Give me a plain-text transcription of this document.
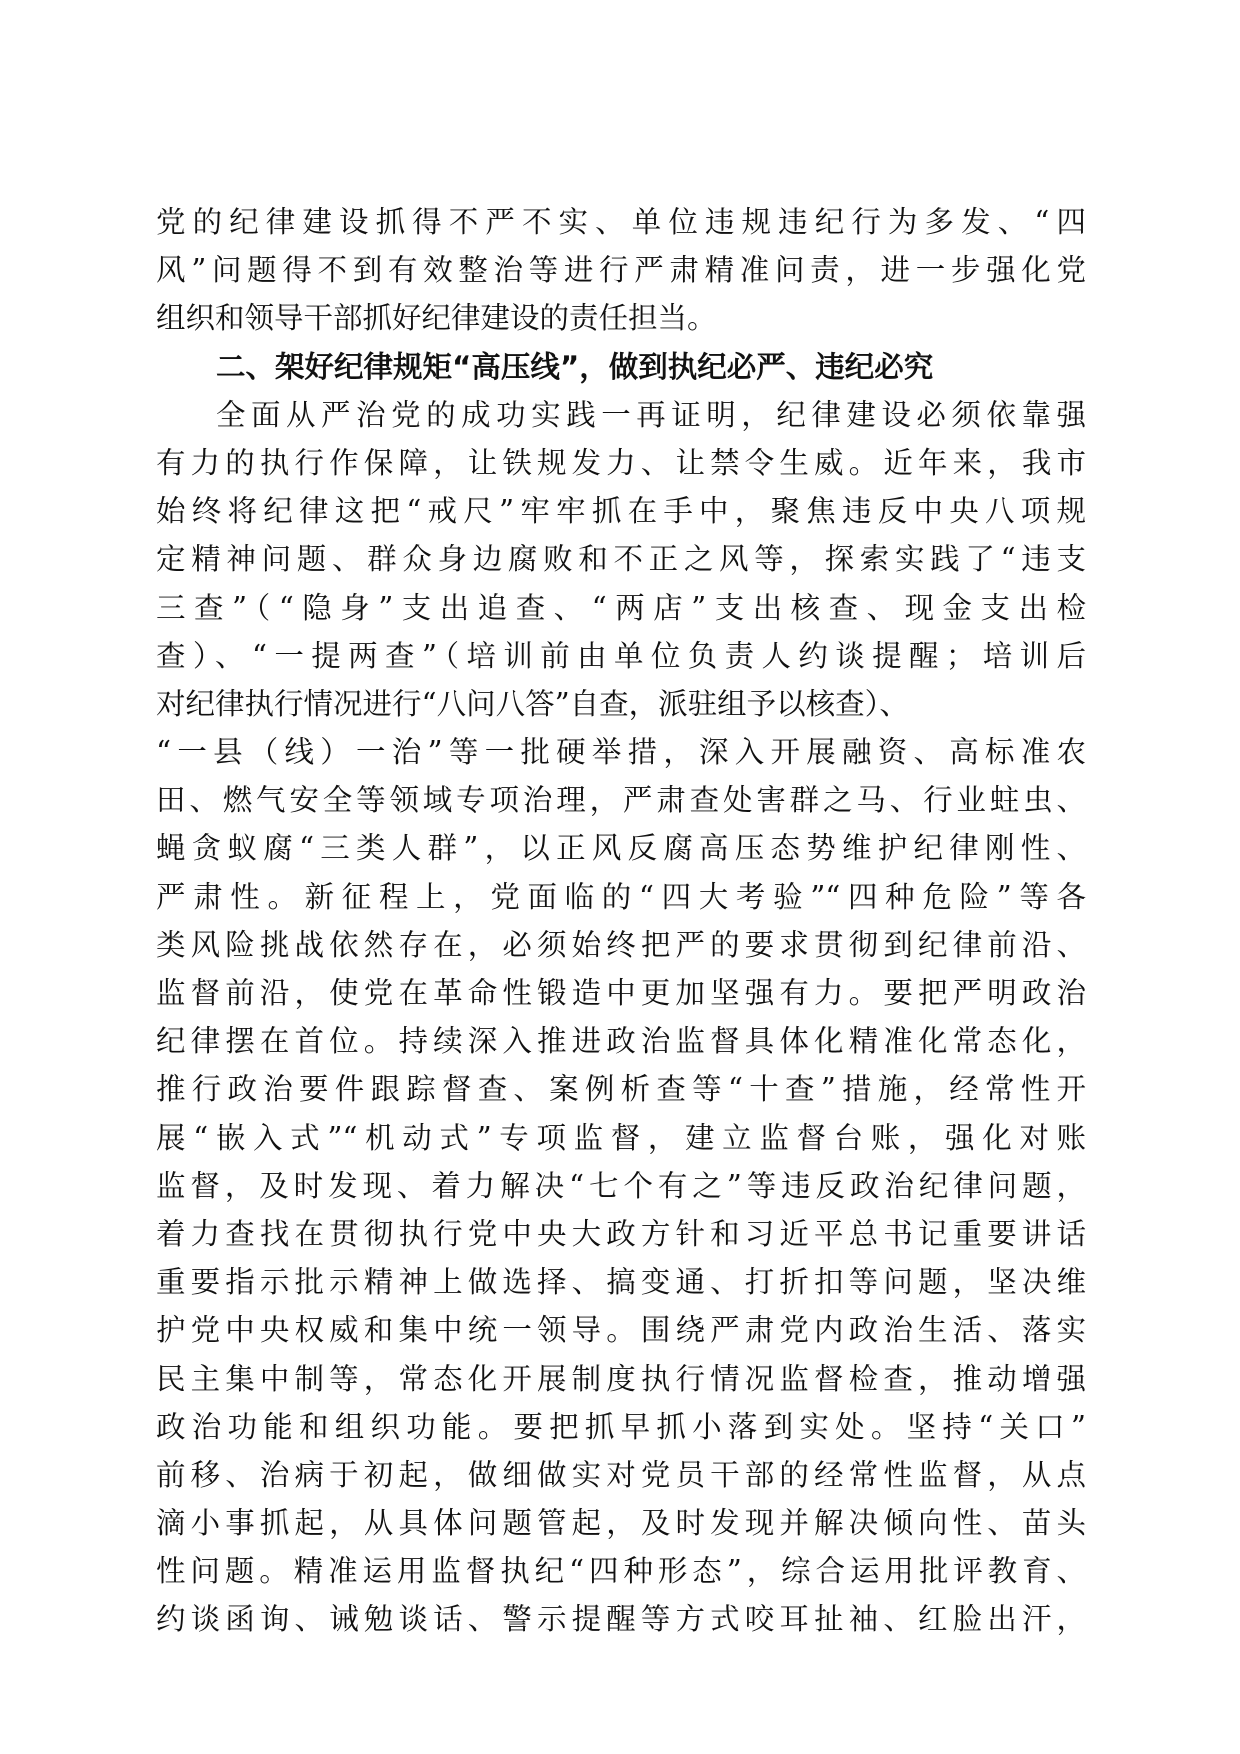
党的纪律建设抓得不严不实、单位违规违纪行为多发、“四
风”问题得不到有效整治等进行严肃精准问责，进一步强化党
组织和领导干部抓好纪律建设的责任担当。
二、架好纪律规矩“高压线”，做到执纪必严、违纪必究
全面从严治党的成功实践一再证明，纪律建设必须依靠强
有力的执行作保障，让铁规发力、让禁令生威。近年来，我市
始终将纪律这把“戒尺”牢牢抓在手中，聚焦违反中央八项规
定精神问题、群众身边腐败和不正之风等，探索实践了“违支
三查”（“隐身”支出追查、“两店”支出核查、现金支出检
查）、“一提两查”（培训前由单位负责人约谈提醒；培训后
对纪律执行情况进行“八问八答”自查，派驻组予以核查）、
“一县（线）一治”等一批硬举措，深入开展融资、高标准农
田、燃气安全等领域专项治理，严肃查处害群之马、行业蛀虫、
蝇贪蚁腐“三类人群”，以正风反腐高压态势维护纪律刚性、
严肃性。新征程上，党面临的“四大考验”“四种危险”等各
类风险挑战依然存在，必须始终把严的要求贯彻到纪律前沿、
监督前沿，使党在革命性锻造中更加坚强有力。要把严明政治
纪律摆在首位。持续深入推进政治监督具体化精准化常态化，
推行政治要件跟踪督查、案例析查等“十查”措施，经常性开
展“嵌入式”“机动式”专项监督，建立监督台账，强化对账
监督，及时发现、着力解决“七个有之”等违反政治纪律问题，
着力查找在贯彻执行党中央大政方针和习近平总书记重要讲话
重要指示批示精神上做选择、搞变通、打折扣等问题，坚决维
护党中央权威和集中统一领导。围绕严肃党内政治生活、落实
民主集中制等，常态化开展制度执行情况监督检查，推动增强
政治功能和组织功能。要把抓早抓小落到实处。坚持“关口”
前移、治病于初起，做细做实对党员干部的经常性监督，从点
滴小事抓起，从具体问题管起，及时发现并解决倾向性、苗头
性问题。精准运用监督执纪“四种形态”，综合运用批评教育、
约谈函询、诫勉谈话、警示提醒等方式咬耳扯袖、红脸出汗，
